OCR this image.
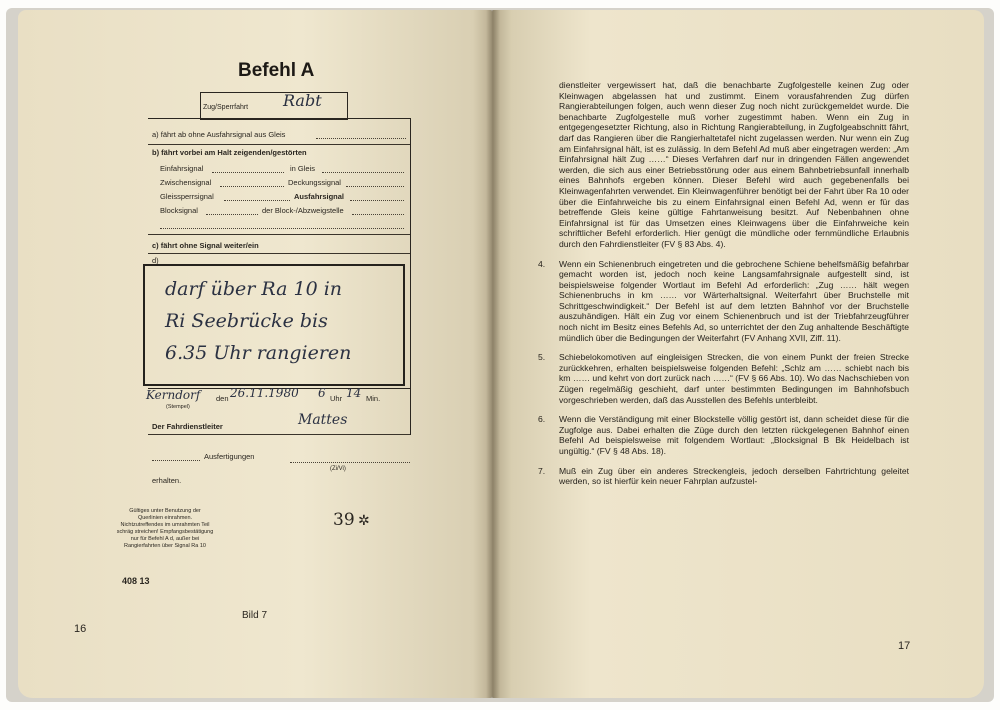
Befehl A
Zug/Sperrfahrt Rabt
a) fährt ab ohne Ausfahrsignal aus Gleis
b) fährt vorbei am Halt zeigenden/gestörten
Einfahrsignal	in Gleis
Zwischensignal	Deckungssignal
Gleissperrsignal	Ausfahrsignal
Blocksignal	der Block-/Abzweigstelle
c) fährt ohne Signal weiter/ein
d)
darf über Ra 10 in
Ri Seebrücke bis
6.35 Uhr rangieren
Kerndorf
(Stempel)
den 26.11.1980 6 Uhr 14 Min.
Der Fahrdienstleiter	Mattes
Ausfertigungen
erhalten.
(Zi/Vi)
Gültiges unter Benutzung der Querlinien einrahmen. Nichtzutreffendes im umrahmten Teil schräg streichen! Empfangsbestätigung nur für Befehl A d, außer bei Rangierfahrten über Signal Ra 10
39 ✲
408 13
Bild 7
16

dienstleiter vergewissert hat, daß die benachbarte Zugfolgestelle keinen Zug oder Kleinwagen abgelassen hat und zustimmt. Einem vorausfahrenden Zug dürfen Rangierabteilungen folgen, auch wenn dieser Zug noch nicht zurückgemeldet wurde. Die benachbarte Zugfolgestelle muß vorher zugestimmt haben. Wenn ein Zug in entgegengesetzter Richtung, also in Richtung Rangierabteilung, in Zugfolgeabschnitt fährt, darf das Rangieren über die Rangierhaltetafel nicht zugelassen werden. Nur wenn ein Zug am Einfahrsignal hält, ist es zulässig. In dem Befehl Ad muß aber eingetragen werden: „Am Einfahrsignal hält Zug ……“ Dieses Verfahren darf nur in dringenden Fällen angewendet werden, die sich aus einer Betriebsstörung oder aus einem Bahnbetriebsunfall innerhalb eines Bahnhofs ergeben können. Dieser Befehl wird auch gegebenenfalls bei Kleinwagenfahrten verwendet. Ein Kleinwagenführer benötigt bei der Fahrt über Ra 10 oder über die Einfahrweiche bis zu einem Einfahrsignal einen Befehl Ad, wenn er für das betreffende Gleis keine gültige Fahrtanweisung besitzt. Auf Nebenbahnen ohne Einfahrsignal ist für das Umsetzen eines Kleinwagens über die Einfahrweiche kein schriftlicher Befehl erforderlich. Hier genügt die mündliche oder fernmündliche Erlaubnis durch den Fahrdienstleiter (FV § 83 Abs. 4).

4. Wenn ein Schienenbruch eingetreten und die gebrochene Schiene behelfsmäßig befahrbar gemacht worden ist, jedoch noch keine Langsamfahrsignale aufgestellt sind, ist beispielsweise folgender Wortlaut im Befehl Ad erforderlich: „Zug …… hält wegen Schienenbruchs in km …… vor Wärterhaltsignal. Weiterfahrt über Bruchstelle mit Schrittgeschwindigkeit.“ Der Befehl ist auf dem letzten Bahnhof vor der Bruchstelle auszuhändigen. Hält ein Zug vor einem Schienenbruch und ist der Triebfahrzeugführer noch nicht im Besitz eines Befehls Ad, so unterrichtet der den Zug anhaltende Beschäftigte mündlich über die Bedingungen der Weiterfahrt (FV Anhang XVII, Ziff. 11).

5. Schiebelokomotiven auf eingleisigen Strecken, die von einem Punkt der freien Strecke zurückkehren, erhalten beispielsweise folgenden Befehl: „Schlz am …… schiebt nach bis km …… und kehrt von dort zurück nach ……“ (FV § 66 Abs. 10). Wo das Nachschieben von Zügen regelmäßig geschieht, darf unter bestimmten Bedingungen im Bahnhofsbuch vorgeschrieben werden, daß das Ausstellen des Befehls unterbleibt.

6. Wenn die Verständigung mit einer Blockstelle völlig gestört ist, dann scheidet diese für die Zugfolge aus. Dabei erhalten die Züge durch den letzten rückgelegenen Bahnhof einen Befehl Ad beispielsweise mit folgendem Wortlaut: „Blocksignal B Bk Heidelbach ist ungültig.“ (FV § 48 Abs. 18).

7. Muß ein Zug über ein anderes Streckengleis, jedoch derselben Fahrtrichtung geleitet werden, so ist hierfür kein neuer Fahrplan aufzustel-

17
